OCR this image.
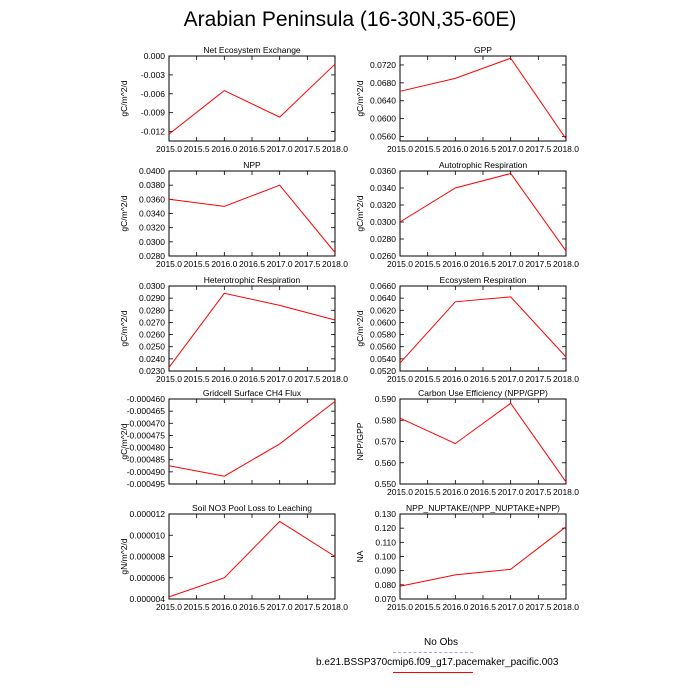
Arabian Peninsula (16-30N,35-60E)
Net Ecosystem Exchange
-0.012
-0.009
-0.006
-0.003
0.000
2015.0 2015.5 2016.0 2016.5 2017.0 2017.5 2018.0
gC/m^2/d
GPP
0.0560
0.0600
0.0640
0.0680
0.0720
2015.0 2015.5 2016.0 2016.5 2017.0 2017.5 2018.0
gC/m^2/d
NPP
0.0280
0.0300
0.0320
0.0340
0.0360
0.0380
0.0400
2015.0 2015.5 2016.0 2016.5 2017.0 2017.5 2018.0
gC/m^2/d
Autotrophic Respiration
0.0260
0.0280
0.0300
0.0320
0.0340
0.0360
2015.0 2015.5 2016.0 2016.5 2017.0 2017.5 2018.0
gC/m^2/d
Heterotrophic Respiration
0.0230
0.0240
0.0250
0.0260
0.0270
0.0280
0.0290
0.0300
2015.0 2015.5 2016.0 2016.5 2017.0 2017.5 2018.0
gC/m^2/d
Ecosystem Respiration
0.0520
0.0540
0.0560
0.0580
0.0600
0.0620
0.0640
0.0660
2015.0 2015.5 2016.0 2016.5 2017.0 2017.5 2018.0
gC/m^2/d
Gridcell Surface CH4 Flux
-0.000495
-0.000490
-0.000485
-0.000480
-0.000475
-0.000470
-0.000465
-0.000460
gC/m^2/d
Carbon Use Efficiency (NPP/GPP)
0.550
0.560
0.570
0.580
0.590
2015.0 2015.5 2016.0 2016.5 2017.0 2017.5 2018.0
NPP/GPP
Soil NO3 Pool Loss to Leaching
0.000004
0.000006
0.000008
0.000010
0.000012
2015.0 2015.5 2016.0 2016.5 2017.0 2017.5 2018.0
gN/m^2/d
NPP_NUPTAKE/(NPP_NUPTAKE+NPP)
0.070
0.080
0.090
0.100
0.110
0.120
0.130
2015.0 2015.5 2016.0 2016.5 2017.0 2017.5 2018.0
NA
No Obs
b.e21.BSSP370cmip6.f09_g17.pacemaker_pacific.003
